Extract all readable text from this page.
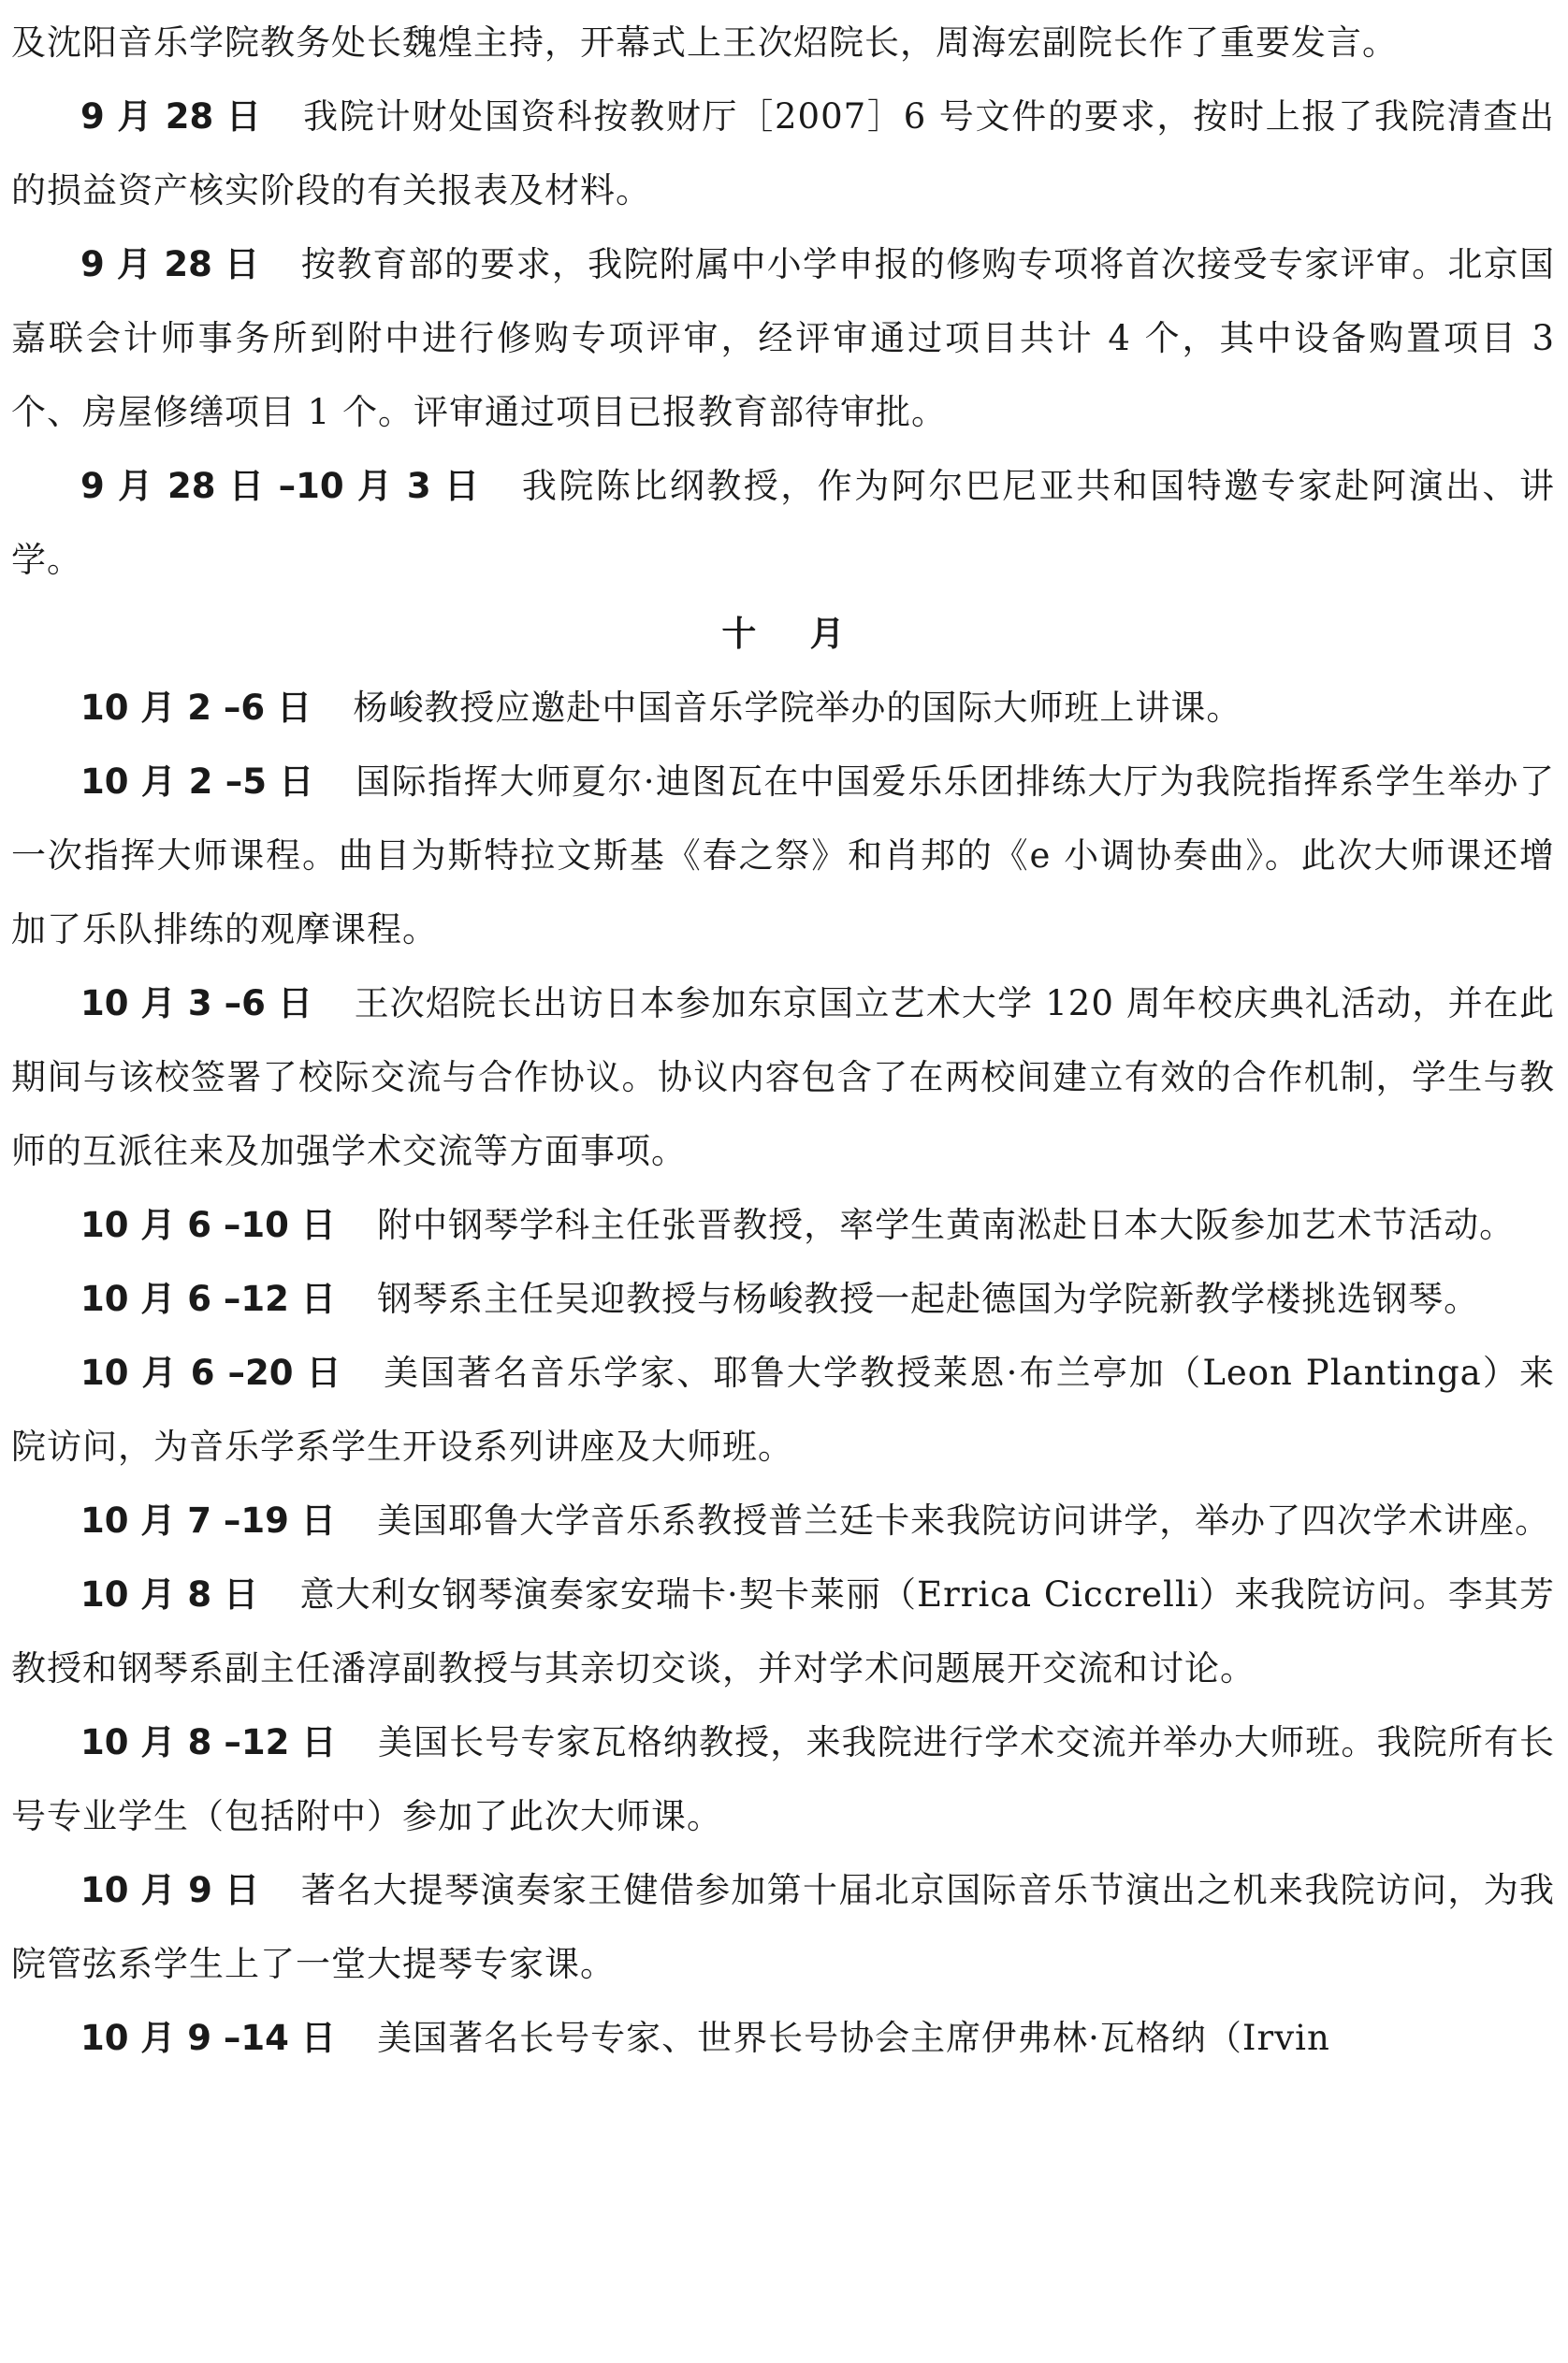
及沈阳音乐学院教务处长魏煌主持，开幕式上王次炤院长，周海宏副院长作了重要发言。

9 月 28 日 我院计财处国资科按教财厅［2007］6 号文件的要求，按时上报了我院清查出的损益资产核实阶段的有关报表及材料。

9 月 28 日 按教育部的要求，我院附属中小学申报的修购专项将首次接受专家评审。北京国嘉联会计师事务所到附中进行修购专项评审，经评审通过项目共计 4 个，其中设备购置项目 3 个、房屋修缮项目 1 个。评审通过项目已报教育部待审批。

9 月 28 日 –10 月 3 日 我院陈比纲教授，作为阿尔巴尼亚共和国特邀专家赴阿演出、讲学。

十 月

10 月 2 –6 日 杨峻教授应邀赴中国音乐学院举办的国际大师班上讲课。

10 月 2 –5 日 国际指挥大师夏尔·迪图瓦在中国爱乐乐团排练大厅为我院指挥系学生举办了一次指挥大师课程。曲目为斯特拉文斯基《春之祭》和肖邦的《e 小调协奏曲》。此次大师课还增加了乐队排练的观摩课程。

10 月 3 –6 日 王次炤院长出访日本参加东京国立艺术大学 120 周年校庆典礼活动，并在此期间与该校签署了校际交流与合作协议。协议内容包含了在两校间建立有效的合作机制，学生与教师的互派往来及加强学术交流等方面事项。

10 月 6 –10 日 附中钢琴学科主任张晋教授，率学生黄南淞赴日本大阪参加艺术节活动。

10 月 6 –12 日 钢琴系主任吴迎教授与杨峻教授一起赴德国为学院新教学楼挑选钢琴。

10 月 6 –20 日 美国著名音乐学家、耶鲁大学教授莱恩·布兰亭加（Leon Plantinga）来院访问，为音乐学系学生开设系列讲座及大师班。

10 月 7 –19 日 美国耶鲁大学音乐系教授普兰廷卡来我院访问讲学，举办了四次学术讲座。

10 月 8 日 意大利女钢琴演奏家安瑞卡·契卡莱丽（Errica Ciccrelli）来我院访问。李其芳教授和钢琴系副主任潘淳副教授与其亲切交谈，并对学术问题展开交流和讨论。

10 月 8 –12 日 美国长号专家瓦格纳教授，来我院进行学术交流并举办大师班。我院所有长号专业学生（包括附中）参加了此次大师课。

10 月 9 日 著名大提琴演奏家王健借参加第十届北京国际音乐节演出之机来我院访问，为我院管弦系学生上了一堂大提琴专家课。

10 月 9 –14 日 美国著名长号专家、世界长号协会主席伊弗林·瓦格纳（Irvin
